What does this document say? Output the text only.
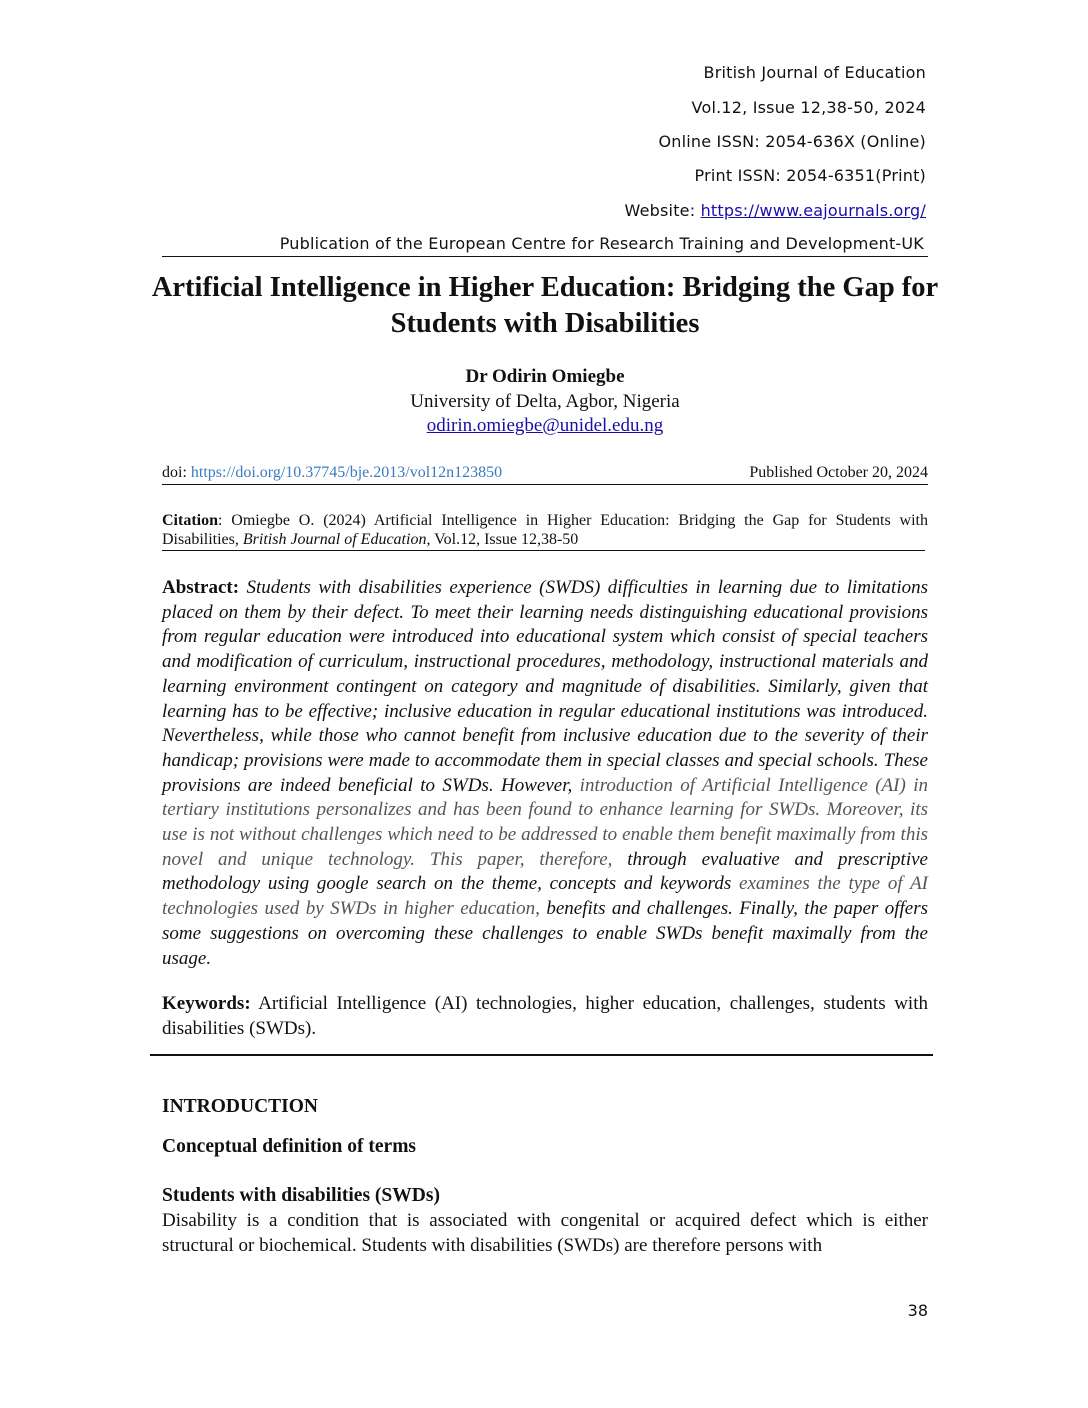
British Journal of Education
Vol.12, Issue 12,38-50, 2024
Online ISSN: 2054-636X (Online)
Print ISSN: 2054-6351(Print)
Website: https://www.eajournals.org/
Publication of the European Centre for Research Training and Development-UK
Artificial Intelligence in Higher Education: Bridging the Gap for Students with Disabilities
Dr Odirin Omiegbe
University of Delta, Agbor, Nigeria
odirin.omiegbe@unidel.edu.ng
doi: https://doi.org/10.37745/bje.2013/vol12n123850	Published October 20, 2024
Citation: Omiegbe O. (2024) Artificial Intelligence in Higher Education: Bridging the Gap for Students with Disabilities, British Journal of Education, Vol.12, Issue 12,38-50
Abstract: Students with disabilities experience (SWDS) difficulties in learning due to limitations placed on them by their defect. To meet their learning needs distinguishing educational provisions from regular education were introduced into educational system which consist of special teachers and modification of curriculum, instructional procedures, methodology, instructional materials and learning environment contingent on category and magnitude of disabilities. Similarly, given that learning has to be effective; inclusive education in regular educational institutions was introduced. Nevertheless, while those who cannot benefit from inclusive education due to the severity of their handicap; provisions were made to accommodate them in special classes and special schools. These provisions are indeed beneficial to SWDs. However, introduction of Artificial Intelligence (AI) in tertiary institutions personalizes and has been found to enhance learning for SWDs. Moreover, its use is not without challenges which need to be addressed to enable them benefit maximally from this novel and unique technology. This paper, therefore, through evaluative and prescriptive methodology using google search on the theme, concepts and keywords examines the type of AI technologies used by SWDs in higher education, benefits and challenges. Finally, the paper offers some suggestions on overcoming these challenges to enable SWDs benefit maximally from the usage.
Keywords: Artificial Intelligence (AI) technologies, higher education, challenges, students with disabilities (SWDs).
INTRODUCTION
Conceptual definition of terms
Students with disabilities (SWDs)
Disability is a condition that is associated with congenital or acquired defect which is either structural or biochemical. Students with disabilities (SWDs) are therefore persons with
38
